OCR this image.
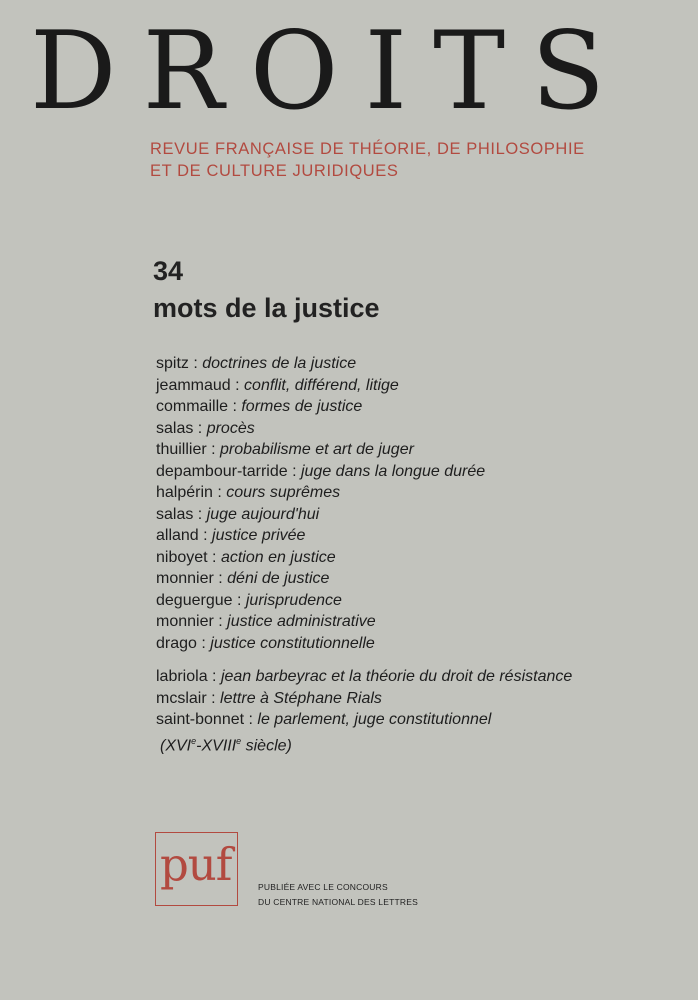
DROITS
REVUE FRANÇAISE DE THÉORIE, DE PHILOSOPHIE
ET DE CULTURE JURIDIQUES
34
mots de la justice
spitz : doctrines de la justice
jeammaud : conflit, différend, litige
commaille : formes de justice
salas : procès
thuillier : probabilisme et art de juger
depambour-tarride : juge dans la longue durée
halpérin : cours suprêmes
salas : juge aujourd'hui
alland : justice privée
niboyet : action en justice
monnier : déni de justice
deguergue : jurisprudence
monnier : justice administrative
drago : justice constitutionnelle
labriola : jean barbeyrac et la théorie du droit de résistance
mcslair : lettre à Stéphane Rials
saint-bonnet : le parlement, juge constitutionnel
(XVIe-XVIIIe siècle)
puf	PUBLIÉE AVEC LE CONCOURS
DU CENTRE NATIONAL DES LETTRES
